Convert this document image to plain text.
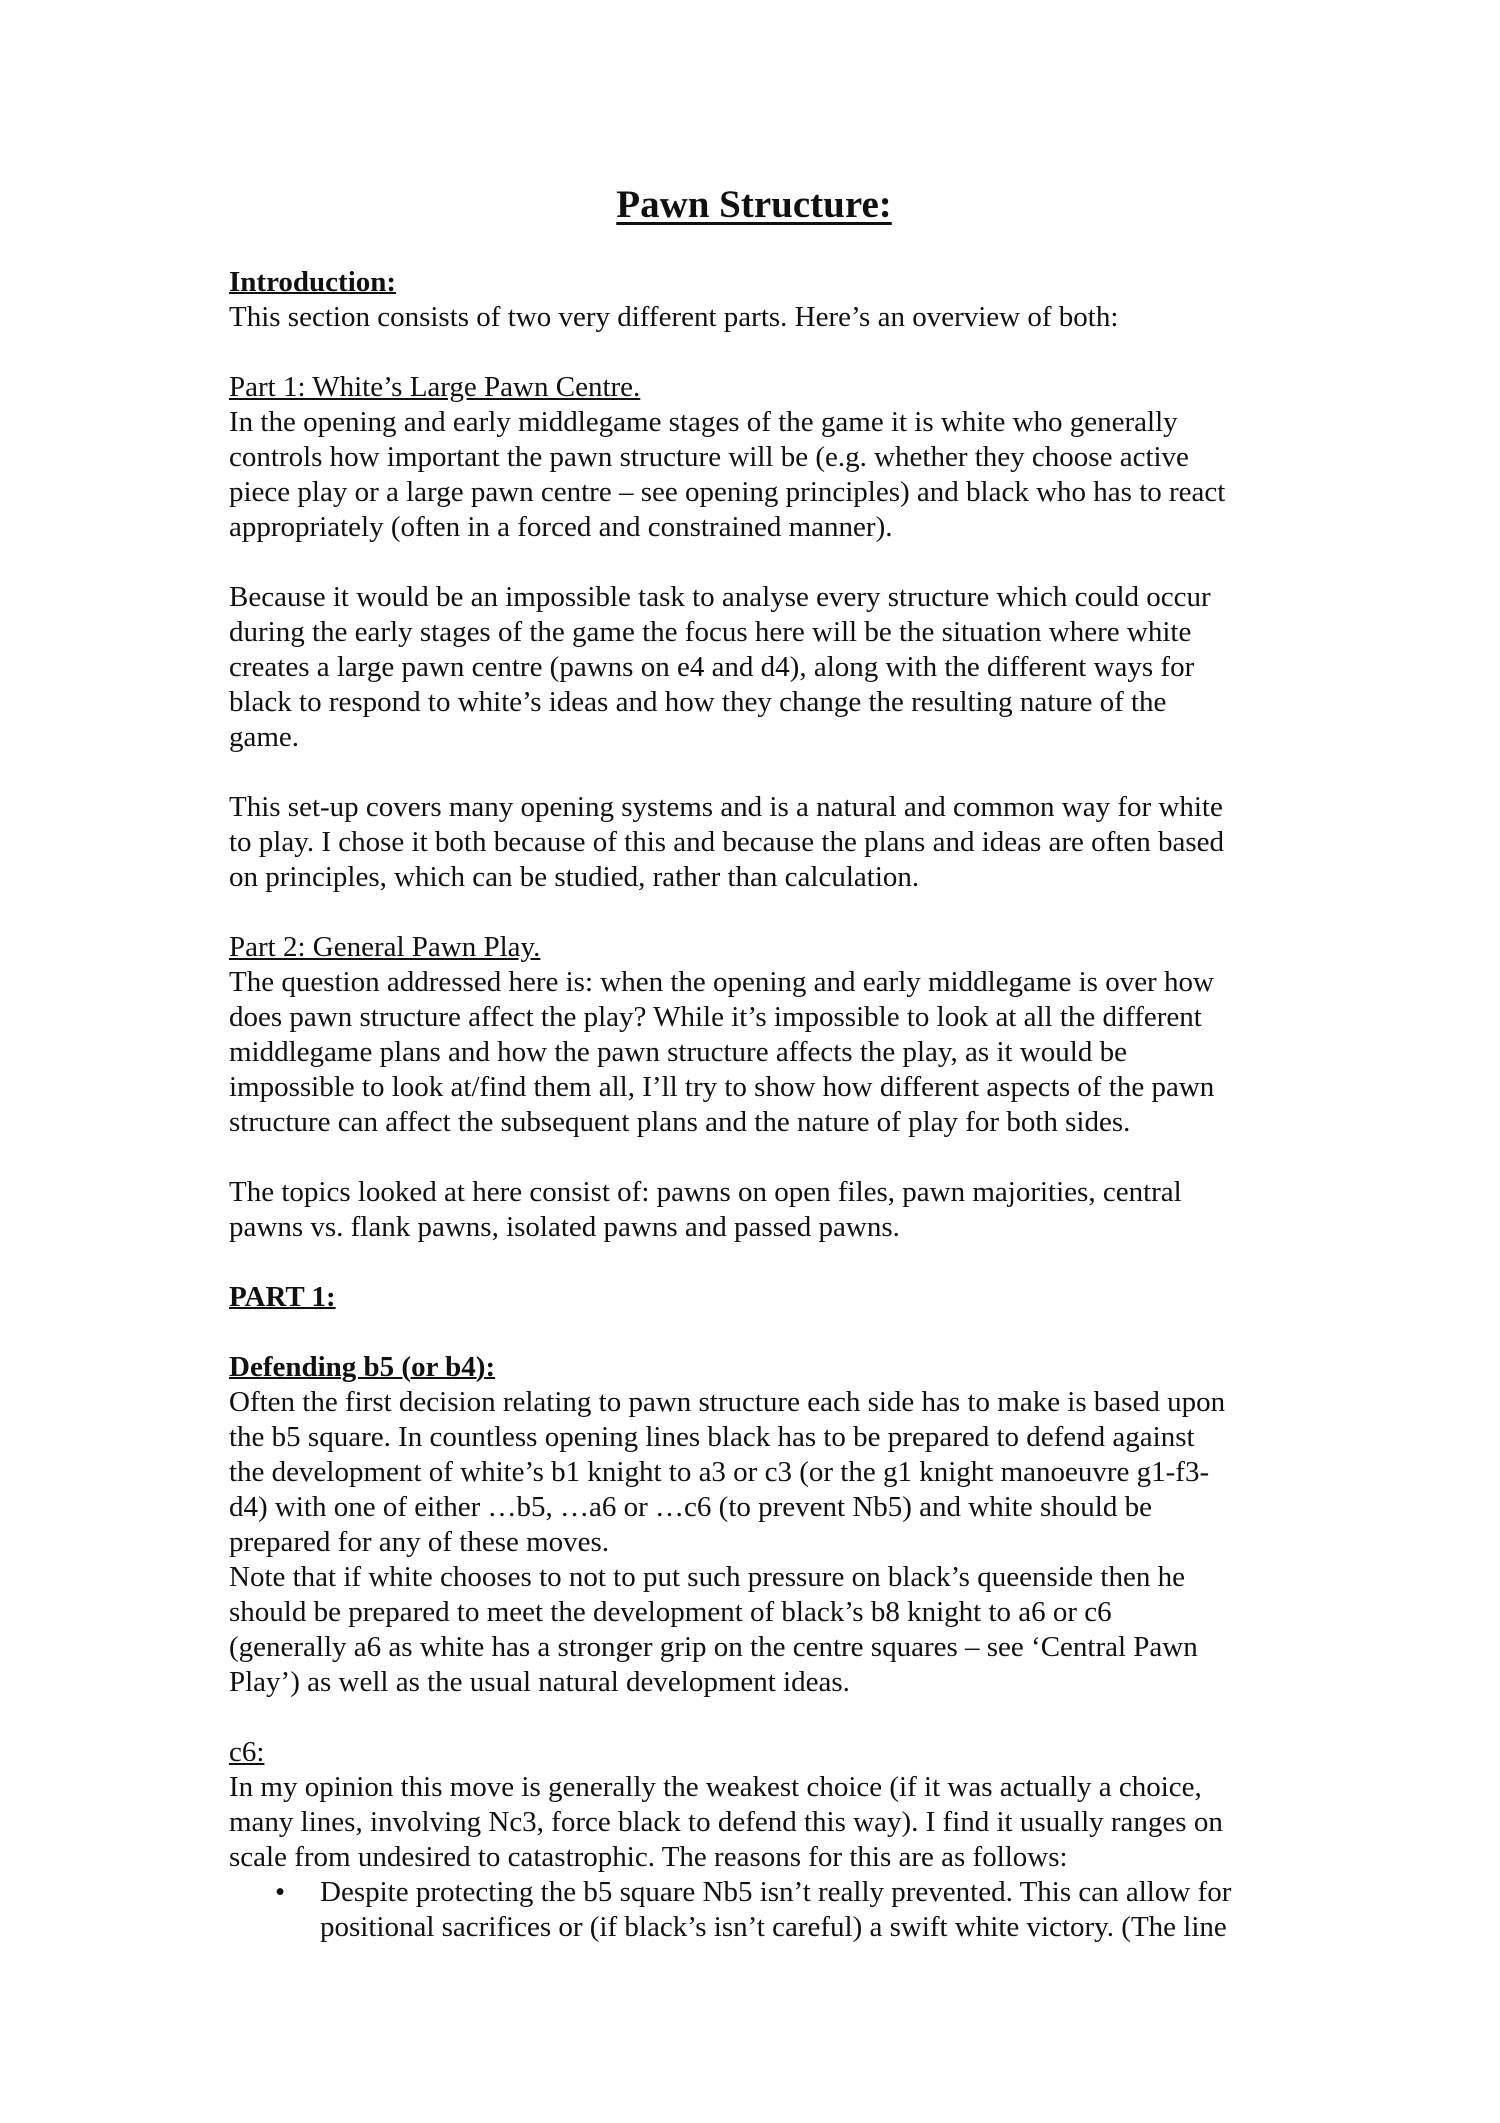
Pawn Structure:
Introduction:
This section consists of two very different parts. Here’s an overview of both:
Part 1: White’s Large Pawn Centre.
In the opening and early middlegame stages of the game it is white who generally
controls how important the pawn structure will be (e.g. whether they choose active
piece play or a large pawn centre – see opening principles) and black who has to react
appropriately (often in a forced and constrained manner).
Because it would be an impossible task to analyse every structure which could occur
during the early stages of the game the focus here will be the situation where white
creates a large pawn centre (pawns on e4 and d4), along with the different ways for
black to respond to white’s ideas and how they change the resulting nature of the
game.
This set-up covers many opening systems and is a natural and common way for white
to play. I chose it both because of this and because the plans and ideas are often based
on principles, which can be studied, rather than calculation.
Part 2: General Pawn Play.
The question addressed here is: when the opening and early middlegame is over how
does pawn structure affect the play? While it’s impossible to look at all the different
middlegame plans and how the pawn structure affects the play, as it would be
impossible to look at/find them all, I’ll try to show how different aspects of the pawn
structure can affect the subsequent plans and the nature of play for both sides.
The topics looked at here consist of: pawns on open files, pawn majorities, central
pawns vs. flank pawns, isolated pawns and passed pawns.
PART 1:
Defending b5 (or b4):
Often the first decision relating to pawn structure each side has to make is based upon
the b5 square. In countless opening lines black has to be prepared to defend against
the development of white’s b1 knight to a3 or c3 (or the g1 knight manoeuvre g1-f3-
d4) with one of either …b5, …a6 or …c6 (to prevent Nb5) and white should be
prepared for any of these moves.
Note that if white chooses to not to put such pressure on black’s queenside then he
should be prepared to meet the development of black’s b8 knight to a6 or c6
(generally a6 as white has a stronger grip on the centre squares – see ‘Central Pawn
Play’) as well as the usual natural development ideas.
c6:
In my opinion this move is generally the weakest choice (if it was actually a choice,
many lines, involving Nc3, force black to defend this way). I find it usually ranges on
scale from undesired to catastrophic. The reasons for this are as follows:
• Despite protecting the b5 square Nb5 isn’t really prevented. This can allow for
positional sacrifices or (if black’s isn’t careful) a swift white victory. (The line
